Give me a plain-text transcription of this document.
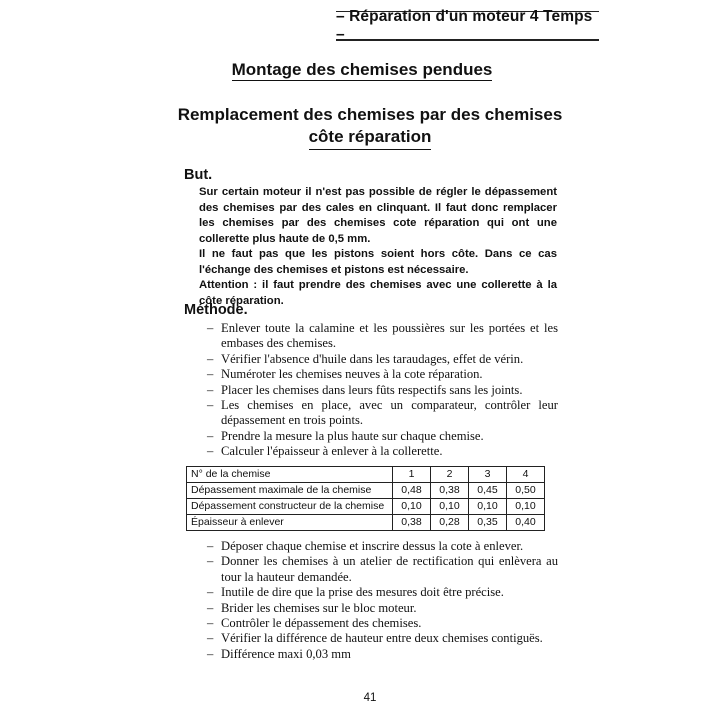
– Réparation d'un moteur 4 Temps –
Montage des chemises pendues
Remplacement des chemises par des chemises
côte réparation
But.

Sur certain moteur il n'est pas possible de régler le dépassement des chemises par des cales en clinquant. Il faut donc remplacer les chemises par des chemises cote réparation qui ont une collerette plus haute de 0,5 mm.

Il ne faut pas que les pistons soient hors côte. Dans ce cas l'échange des chemises et pistons est nécessaire.

Attention : il faut prendre des chemises avec une collerette à la côte réparation.

Méthode.
– Enlever toute la calamine et les poussières sur les portées et les embases des chemises.
– Vérifier l'absence d'huile dans les taraudages, effet de vérin.
– Numéroter les chemises neuves à la cote réparation.
– Placer les chemises dans leurs fûts respectifs sans les joints.
– Les chemises en place, avec un comparateur, contrôler leur dépassement en trois points.
– Prendre la mesure la plus haute sur chaque chemise.
– Calculer l'épaisseur à enlever à la collerette.
N° de la chemise	1	2	3	4
Dépassement maximale de la chemise	0,48	0,38	0,45	0,50
Dépassement constructeur de la chemise	0,10	0,10	0,10	0,10
Épaisseur à enlever	0,38	0,28	0,35	0,40
– Déposer chaque chemise et inscrire dessus la cote à enlever.
– Donner les chemises à un atelier de rectification qui enlèvera au tour la hauteur demandée.
– Inutile de dire que la prise des mesures doit être précise.
– Brider les chemises sur le bloc moteur.
– Contrôler le dépassement des chemises.
– Vérifier la différence de hauteur entre deux chemises contiguës.
– Différence maxi 0,03 mm
41
